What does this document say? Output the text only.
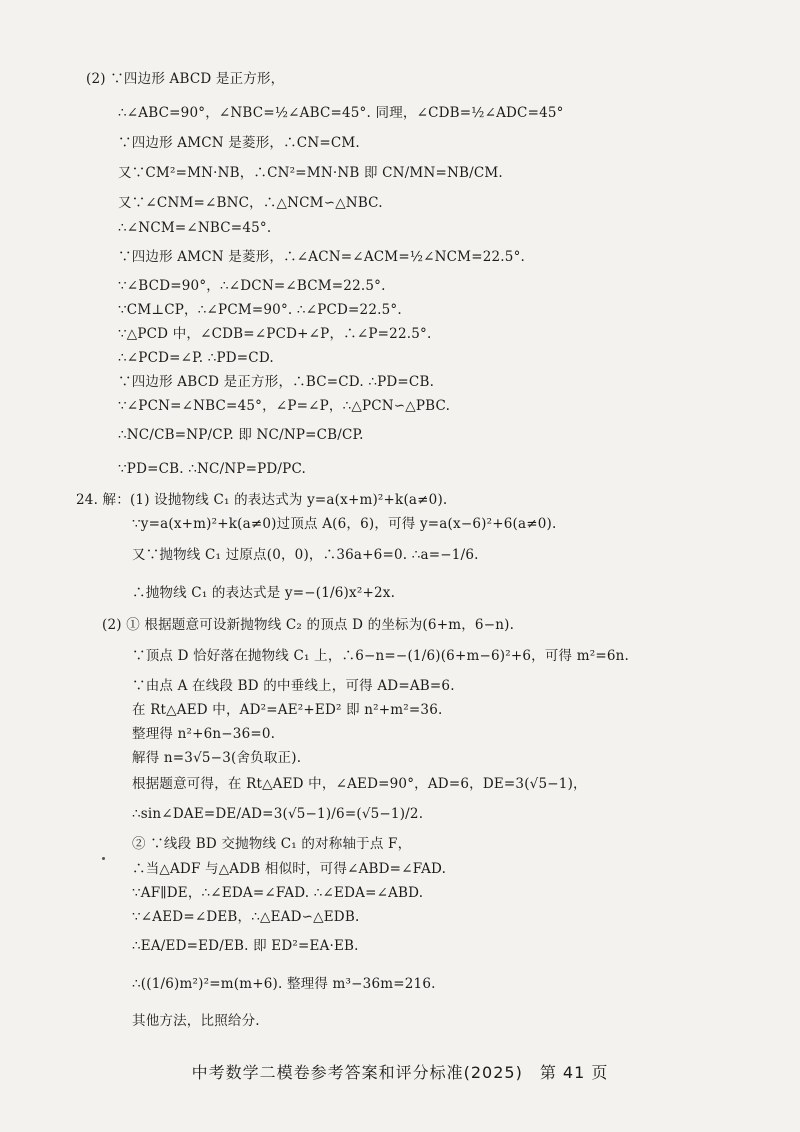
(2) ∵四边形 ABCD 是正方形，
∴∠ABC=90°，∠NBC=½∠ABC=45°. 同理，∠CDB=½∠ADC=45°
∵四边形 AMCN 是菱形，∴CN=CM.
又∵CM²=MN·NB，∴CN²=MN·NB 即 CN/MN=NB/CM.
又∵∠CNM=∠BNC，∴△NCM∽△NBC.
∴∠NCM=∠NBC=45°.
∵四边形 AMCN 是菱形，∴∠ACN=∠ACM=½∠NCM=22.5°.
∵∠BCD=90°，∴∠DCN=∠BCM=22.5°.
∵CM⊥CP，∴∠PCM=90°. ∴∠PCD=22.5°.
∵△PCD 中，∠CDB=∠PCD+∠P，∴∠P=22.5°.
∴∠PCD=∠P. ∴PD=CD.
∵四边形 ABCD 是正方形，∴BC=CD. ∴PD=CB.
∵∠PCN=∠NBC=45°，∠P=∠P，∴△PCN∽△PBC.
∴NC/CB=NP/CP. 即 NC/NP=CB/CP.
∵PD=CB. ∴NC/NP=PD/PC.
24. 解：(1) 设抛物线 C₁ 的表达式为 y=a(x+m)²+k(a≠0).
∵y=a(x+m)²+k(a≠0)过顶点 A(6，6)，可得 y=a(x−6)²+6(a≠0).
又∵抛物线 C₁ 过原点(0，0)，∴36a+6=0. ∴a=−1/6.
∴抛物线 C₁ 的表达式是 y=−(1/6)x²+2x.
(2) ① 根据题意可设新抛物线 C₂ 的顶点 D 的坐标为(6+m，6−n).
∵顶点 D 恰好落在抛物线 C₁ 上，∴6−n=−(1/6)(6+m−6)²+6，可得 m²=6n.
∵由点 A 在线段 BD 的中垂线上，可得 AD=AB=6.
在 Rt△AED 中，AD²=AE²+ED² 即 n²+m²=36.
整理得 n²+6n−36=0.
解得 n=3√5−3(舍负取正).
根据题意可得，在 Rt△AED 中，∠AED=90°，AD=6，DE=3(√5−1)，
∴sin∠DAE=DE/AD=3(√5−1)/6=(√5−1)/2.
② ∵线段 BD 交抛物线 C₁ 的对称轴于点 F，
∴当△ADF 与△ADB 相似时，可得∠ABD=∠FAD.
∵AF∥DE，∴∠EDA=∠FAD. ∴∠EDA=∠ABD.
∵∠AED=∠DEB，∴△EAD∽△EDB.
∴EA/ED=ED/EB. 即 ED²=EA·EB.
∴((1/6)m²)²=m(m+6). 整理得 m³−36m=216.
其他方法，比照给分.
中考数学二模卷参考答案和评分标准(2025)　第 41 页
